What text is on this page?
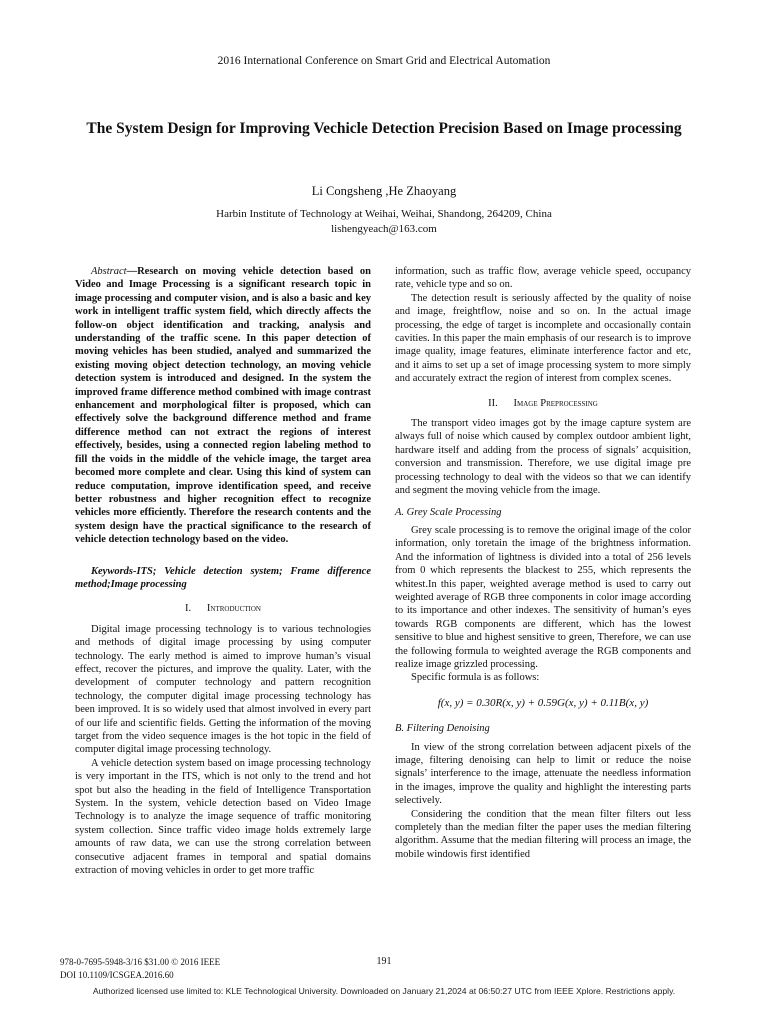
2016 International Conference on Smart Grid and Electrical Automation
The System Design for Improving Vechicle Detection Precision Based on Image processing
Li Congsheng ,He Zhaoyang
Harbin Institute of Technology at Weihai, Weihai, Shandong, 264209, China
lishengyeach@163.com

Abstract—Research on moving vehicle detection based on Video and Image Processing is a significant research topic in image processing and computer vision, and is also a basic and key work in intelligent traffic system field, which directly affects the follow-on object identification and tracking, analysis and understanding of the traffic scene. In this paper detection of moving vehicles has been studied, analyed and summarized the existing moving object detection technology, an moving vehicle detection system is introduced and designed. In the system the improved frame difference method combined with image contrast enhancement and morphological filter is proposed, which can effectively solve the background difference method and frame difference method can not extract the regions of interest effectively, besides, using a connected region labeling method to fill the voids in the middle of the vehicle image, the target area becomed more complete and clear. Using this kind of system can reduce computation, improve identification speed, and receive better robustness and higher recognition effect to recognize vehicles more efficiently. Therefore the research contents and the system design have the practical significance to the research of vehicle detection technology based on the video.

Keywords-ITS; Vehicle detection system; Frame difference method;Image processing

I. Introduction

Digital image processing technology is to various technologies and methods of digital image processing by using computer technology. The early method is aimed to improve human’s visual effect, recover the pictures, and improve the quality. Later, with the development of computer technology and pattern recognition technology, the computer digital image processing technology has been improved. It is so widely used that almost involved in every part of our life and scientific fields. Getting the information of the moving target from the video sequence images is the hot topic in the field of computer digital image processing technology.

A vehicle detection system based on image processing technology is very important in the ITS, which is not only to the trend and hot spot but also the heading in the field of Intelligence Transportation System. In the system, vehicle detection based on Video Image Technology is to analyze the image sequence of traffic monitoring system collection. Since traffic video image holds extremely large amounts of raw data, we can use the strong correlation between consecutive adjacent frames in temporal and spatial domains extraction of moving vehicles in order to get more traffic

information, such as traffic flow, average vehicle speed, occupancy rate, vehicle type and so on.

The detection result is seriously affected by the quality of noise and image, freightflow, noise and so on. In the actual image processing, the edge of target is incomplete and occasionally contain cavities. In this paper the main emphasis of our research is to improve image quality, image features, eliminate interference factor and etc, and it aims to set up a set of image processing system to more simply and accurately extract the region of interest from complex scenes.

II. Image Preprocessing

The transport video images got by the image capture system are always full of noise which caused by complex outdoor ambient light, hardware itself and adding from the process of signals’ acquisition, conversion and transmission. Therefore, we use digital image pre processing technology to deal with the videos so that we can identify and segment the moving vehicle from the image.

A. Grey Scale Processing

Grey scale processing is to remove the original image of the color information, only toretain the image of the brightness information. And the information of lightness is divided into a total of 256 levels from 0 which represents the blackest to 255, which represents the whitest.In this paper, weighted average method is used to carry out weighted average of RGB three components in color image according to its importance and other indexes. The sensitivity of human’s eyes towards RGB components are different, which has the lowest sensitive to blue and highest sensitive to green, Therefore, we can use the following formula to weighted average the RGB components and realize image grizzled processing.

Specific formula is as follows:

f(x, y) = 0.30R(x, y) + 0.59G(x, y) + 0.11B(x, y)

B. Filtering Denoising

In view of the strong correlation between adjacent pixels of the image, filtering denoising can help to limit or reduce the noise signals’ interference to the image, attenuate the needless information in the images, improve the quality and highlight the interesting parts selectively.

Considering the condition that the mean filter filters out less completely than the median filter the paper uses the median filtering algorithm. Assume that the median filtering will process an image, the mobile windowis first identified

978-0-7695-5948-3/16 $31.00 © 2016 IEEE
DOI 10.1109/ICSGEA.2016.60
191
Authorized licensed use limited to: KLE Technological University. Downloaded on January 21,2024 at 06:50:27 UTC from IEEE Xplore. Restrictions apply.
